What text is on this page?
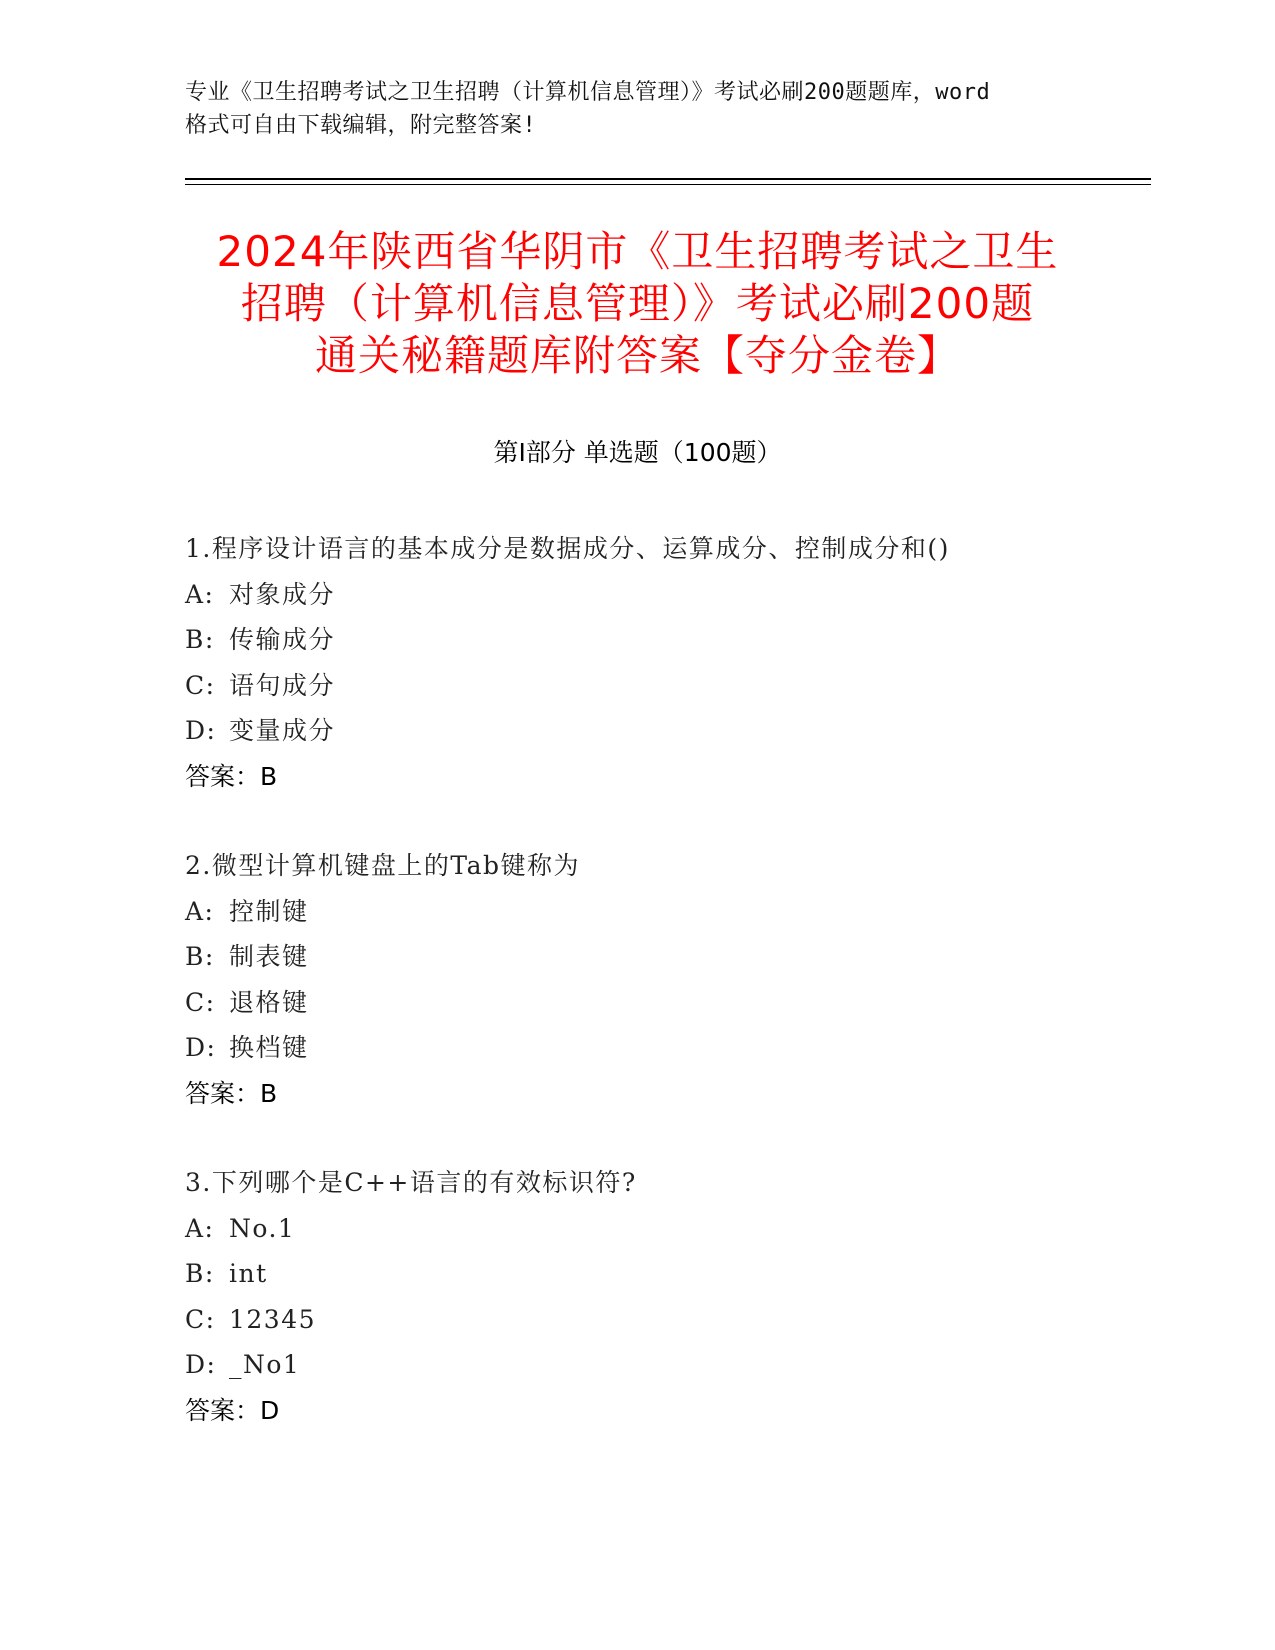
专业《卫生招聘考试之卫生招聘（计算机信息管理）》考试必刷200题题库，word
格式可自由下载编辑，附完整答案!
2024年陕西省华阴市《卫生招聘考试之卫生
招聘（计算机信息管理）》考试必刷200题
通关秘籍题库附答案【夺分金卷】
第Ⅰ部分 单选题（100题）
1.程序设计语言的基本成分是数据成分、运算成分、控制成分和()
A: 对象成分
B: 传输成分
C: 语句成分
D: 变量成分
答案：B
2.微型计算机键盘上的Tab键称为
A: 控制键
B: 制表键
C: 退格键
D: 换档键
答案：B
3.下列哪个是C++语言的有效标识符?
A: No.1
B: int
C: 12345
D: _No1
答案：D
